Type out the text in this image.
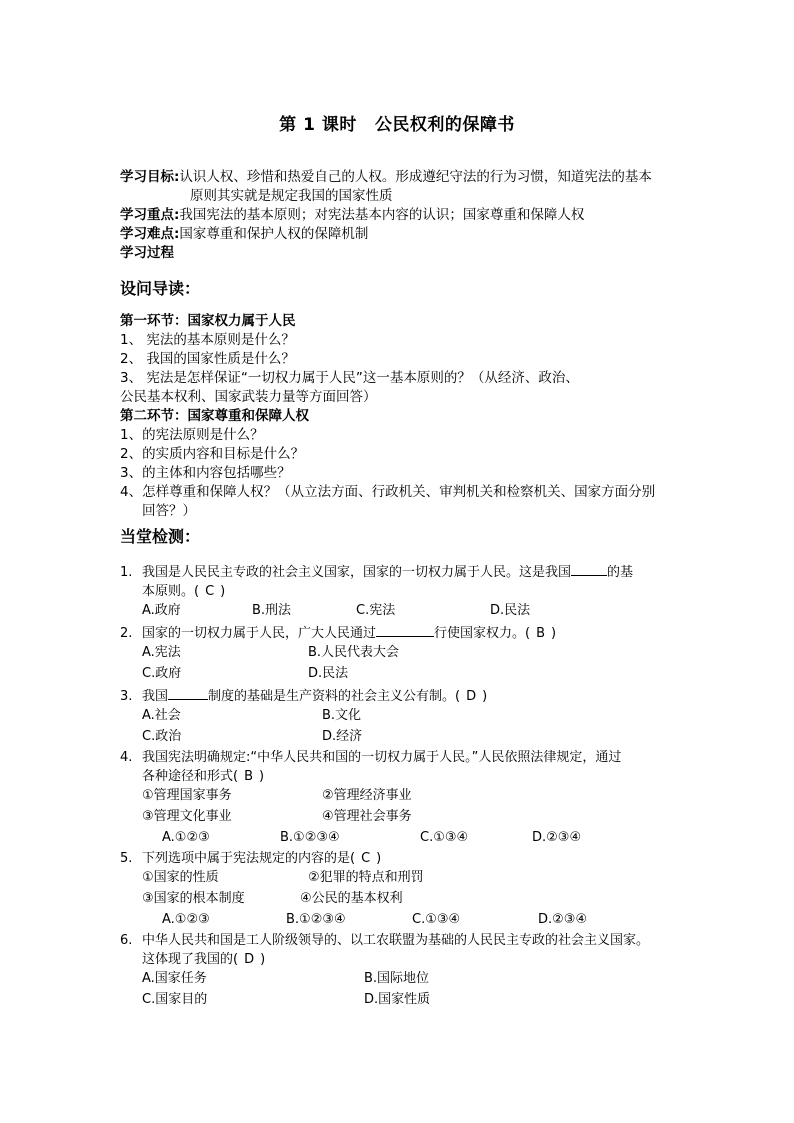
第 1 课时 公民权利的保障书
学习目标:认识人权、珍惜和热爱自己的人权。形成遵纪守法的行为习惯，知道宪法的基本
原则其实就是规定我国的国家性质
学习重点:我国宪法的基本原则；对宪法基本内容的认识；国家尊重和保障人权
学习难点:国家尊重和保护人权的保障机制
学习过程
设问导读：
第一环节：国家权力属于人民
1、 宪法的基本原则是什么？
2、 我国的国家性质是什么？
3、 宪法是怎样保证“一切权力属于人民”这一基本原则的？（从经济、政治、
公民基本权利、国家武装力量等方面回答）
第二环节：国家尊重和保障人权
1、的宪法原则是什么？
2、的实质内容和目标是什么？
3、的主体和内容包括哪些？
4、怎样尊重和保障人权？（从立法方面、行政机关、审判机关和检察机关、国家方面分别
回答？）
当堂检测：
1. 我国是人民民主专政的社会主义国家，国家的一切权力属于人民。这是我国	的基
本原则。( C )
A.政府	B.刑法	C.宪法	D.民法
2. 国家的一切权力属于人民，广大人民通过	行使国家权力。( B )
A.宪法	B.人民代表大会
C.政府	D.民法
3. 我国	制度的基础是生产资料的社会主义公有制。( D )
A.社会	B.文化
C.政治	D.经济
4. 我国宪法明确规定:“中华人民共和国的一切权力属于人民。”人民依照法律规定，通过
各种途径和形式( B )
①管理国家事务	②管理经济事业
③管理文化事业	④管理社会事务
A.①②③	B.①②③④	C.①③④	D.②③④
5. 下列选项中属于宪法规定的内容的是( C )
①国家的性质	②犯罪的特点和刑罚
③国家的根本制度	④公民的基本权利
A.①②③	B.①②③④	C.①③④	D.②③④
6. 中华人民共和国是工人阶级领导的、以工农联盟为基础的人民民主专政的社会主义国家。
这体现了我国的( D )
A.国家任务	B.国际地位
C.国家目的	D.国家性质
